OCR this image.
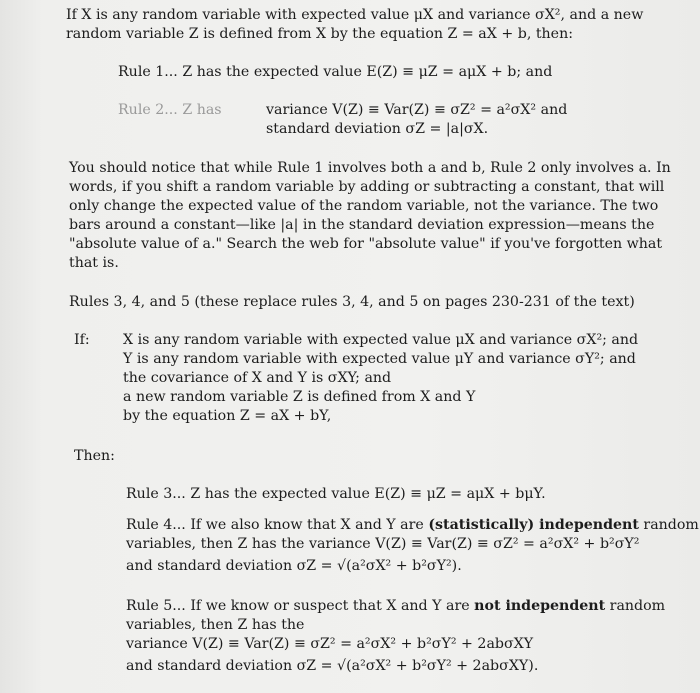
If X is any random variable with expected value μX and variance σX², and a new
random variable Z is defined from X by the equation Z = aX + b, then:
Rule 1... Z has the expected value E(Z) ≡ μZ = aμX + b; and
Rule 2... Z has	variance V(Z) ≡ Var(Z) ≡ σZ² = a²σX² and
standard deviation σZ = |a|σX.
You should notice that while Rule 1 involves both a and b, Rule 2 only involves a. In
words, if you shift a random variable by adding or subtracting a constant, that will
only change the expected value of the random variable, not the variance. The two
bars around a constant—like |a| in the standard deviation expression—means the
"absolute value of a." Search the web for "absolute value" if you've forgotten what
that is.
Rules 3, 4, and 5 (these replace rules 3, 4, and 5 on pages 230-231 of the text)
If: X is any random variable with expected value μX and variance σX²; and
Y is any random variable with expected value μY and variance σY²; and
the covariance of X and Y is σXY; and
a new random variable Z is defined from X and Y
by the equation Z = aX + bY,
Then:
Rule 3... Z has the expected value E(Z) ≡ μZ = aμX + bμY.
Rule 4... If we also know that X and Y are (statistically) independent random
variables, then Z has the variance V(Z) ≡ Var(Z) ≡ σZ² = a²σX² + b²σY²
and standard deviation σZ = √(a²σX² + b²σY²).
Rule 5... If we know or suspect that X and Y are not independent random
variables, then Z has the
variance V(Z) ≡ Var(Z) ≡ σZ² = a²σX² + b²σY² + 2abσXY
and standard deviation σZ = √(a²σX² + b²σY² + 2abσXY).
